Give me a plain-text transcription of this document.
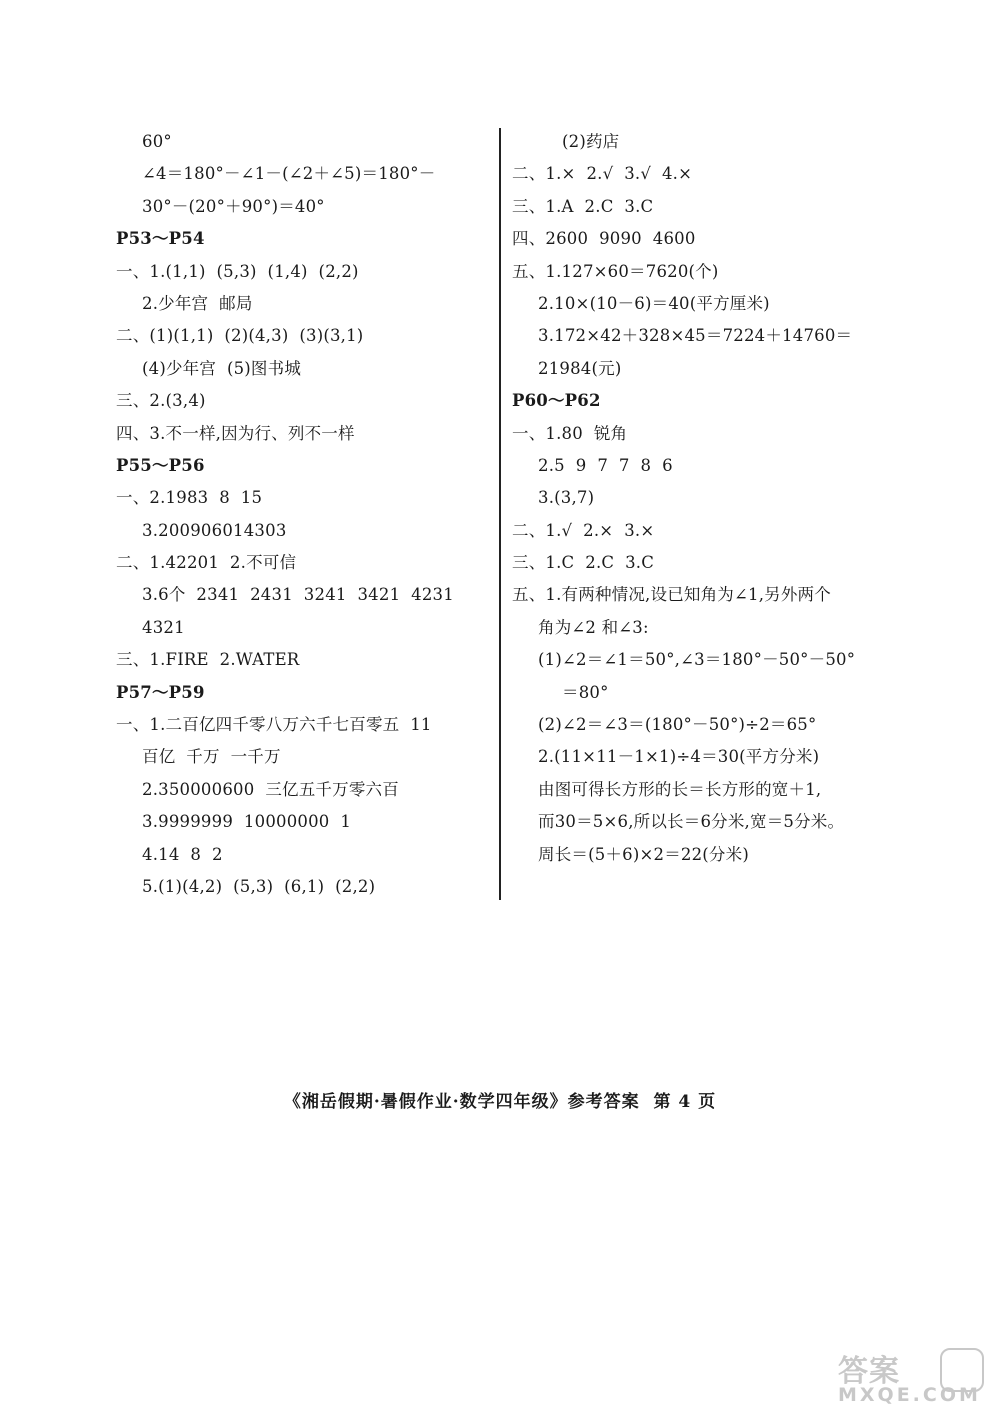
60°
∠4＝180°－∠1－(∠2＋∠5)＝180°－
30°－(20°＋90°)＝40°
P53～P54
一、1.(1,1)  (5,3)  (1,4)  (2,2)
2.少年宫  邮局
二、(1)(1,1)  (2)(4,3)  (3)(3,1)
(4)少年宫  (5)图书城
三、2.(3,4)
四、3.不一样,因为行、列不一样
P55～P56
一、2.1983  8  15
3.200906014303
二、1.42201  2.不可信
3.6个  2341  2431  3241  3421  4231
4321
三、1.FIRE  2.WATER
P57～P59
一、1.二百亿四千零八万六千七百零五  11
百亿  千万  一千万
2.350000600  三亿五千万零六百
3.9999999  10000000  1
4.14  8  2
5.(1)(4,2)  (5,3)  (6,1)  (2,2)
(2)药店
二、1.×  2.√  3.√  4.×
三、1.A  2.C  3.C
四、2600  9090  4600
五、1.127×60＝7620(个)
2.10×(10－6)＝40(平方厘米)
3.172×42＋328×45＝7224＋14760＝
21984(元)
P60～P62
一、1.80  锐角
2.5  9  7  7  8  6
3.(3,7)
二、1.√  2.×  3.×
三、1.C  2.C  3.C
五、1.有两种情况,设已知角为∠1,另外两个
角为∠2 和∠3:
(1)∠2＝∠1＝50°,∠3＝180°－50°－50°
＝80°
(2)∠2＝∠3＝(180°－50°)÷2＝65°
2.(11×11－1×1)÷4＝30(平方分米)
由图可得长方形的长＝长方形的宽＋1,
而30＝5×6,所以长＝6分米,宽＝5分米。
周长＝(5＋6)×2＝22(分米)
《湘岳假期·暑假作业·数学四年级》参考答案  第 4 页
答案
MXQE.COM
